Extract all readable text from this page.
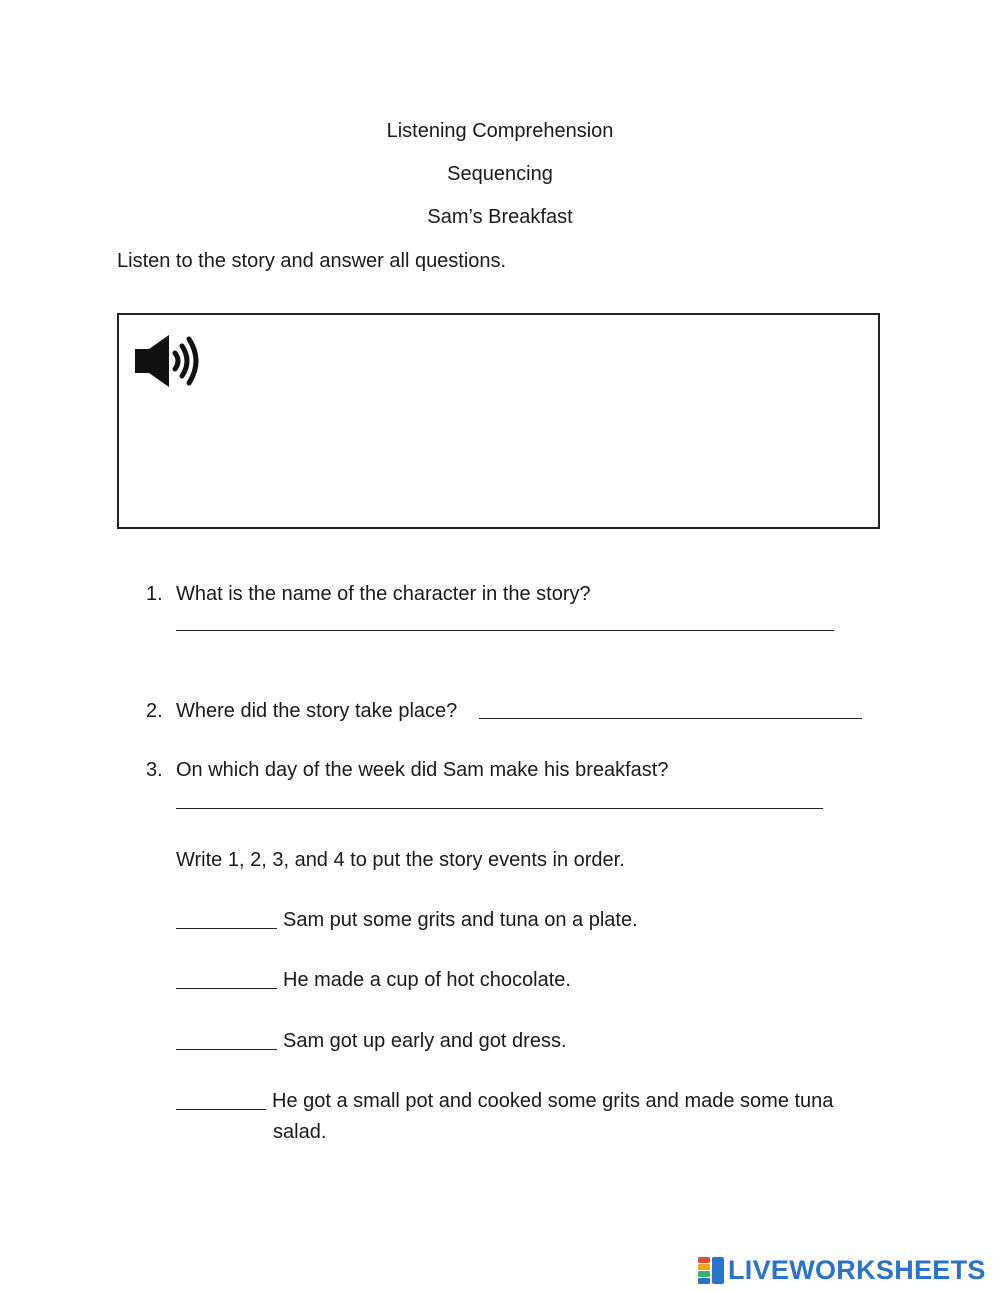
Listening Comprehension
Sequencing
Sam’s Breakfast
Listen to the story and answer all questions.
1. What is the name of the character in the story?
2. Where did the story take place?
3. On which day of the week did Sam make his breakfast?
Write 1, 2, 3, and 4 to put the story events in order.
Sam put some grits and tuna on a plate.
He made a cup of hot chocolate.
Sam got up early and got dress.
He got a small pot and cooked some grits and made some tuna
salad.
LIVEWORKSHEETS
